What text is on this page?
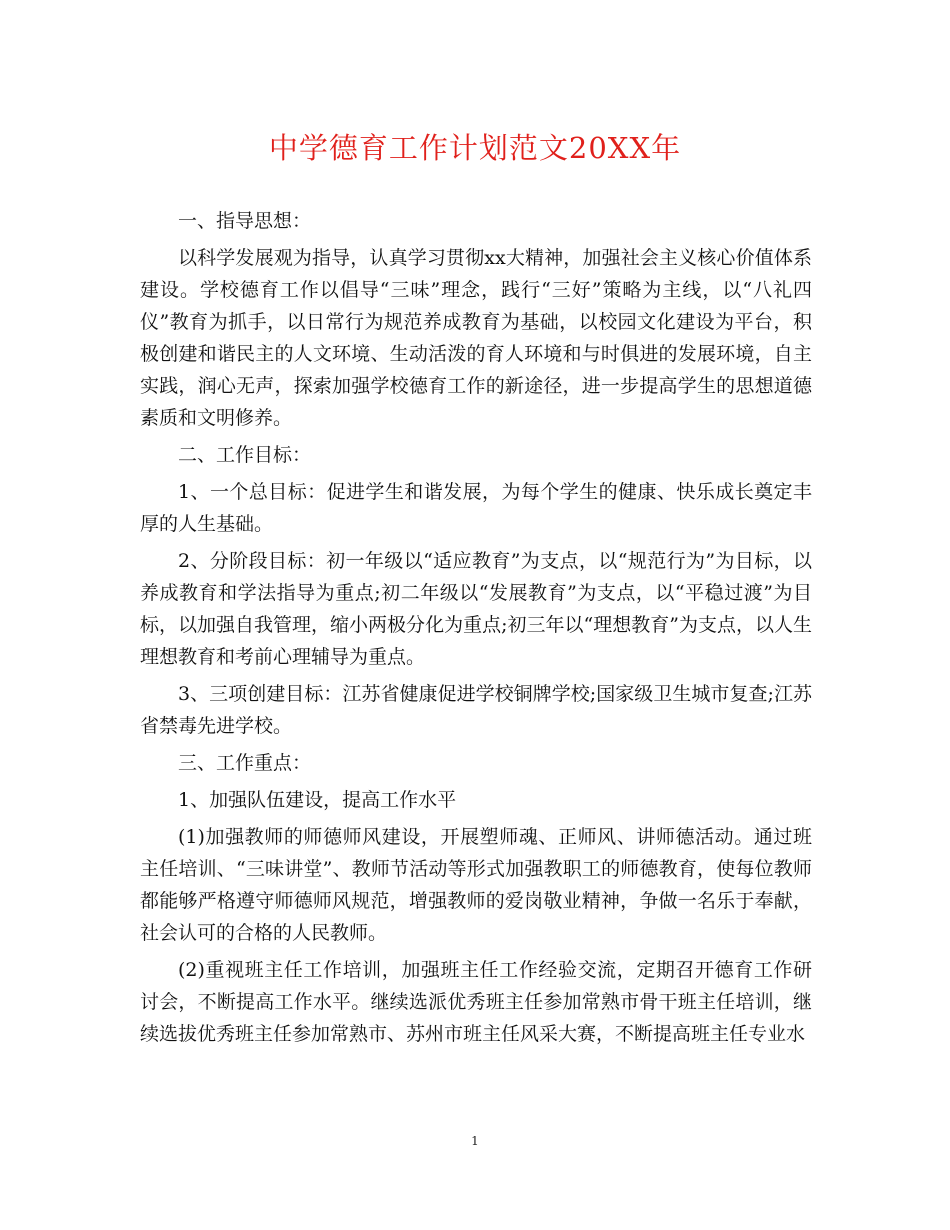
中学德育工作计划范文20XX年

一、指导思想：

以科学发展观为指导，认真学习贯彻xx大精神，加强社会主义核心价值体系建设。学校德育工作以倡导“三味”理念，践行“三好”策略为主线，以“八礼四仪”教育为抓手，以日常行为规范养成教育为基础，以校园文化建设为平台，积极创建和谐民主的人文环境、生动活泼的育人环境和与时俱进的发展环境，自主实践，润心无声，探索加强学校德育工作的新途径，进一步提高学生的思想道德素质和文明修养。

二、工作目标：

1、一个总目标：促进学生和谐发展，为每个学生的健康、快乐成长奠定丰厚的人生基础。

2、分阶段目标：初一年级以“适应教育”为支点，以“规范行为”为目标，以养成教育和学法指导为重点;初二年级以“发展教育”为支点，以“平稳过渡”为目标，以加强自我管理，缩小两极分化为重点;初三年以“理想教育”为支点，以人生理想教育和考前心理辅导为重点。

3、三项创建目标：江苏省健康促进学校铜牌学校;国家级卫生城市复查;江苏省禁毒先进学校。

三、工作重点：

1、加强队伍建设，提高工作水平

(1)加强教师的师德师风建设，开展塑师魂、正师风、讲师德活动。通过班主任培训、“三味讲堂”、教师节活动等形式加强教职工的师德教育，使每位教师都能够严格遵守师德师风规范，增强教师的爱岗敬业精神，争做一名乐于奉献，社会认可的合格的人民教师。

(2)重视班主任工作培训，加强班主任工作经验交流，定期召开德育工作研讨会，不断提高工作水平。继续选派优秀班主任参加常熟市骨干班主任培训，继续选拔优秀班主任参加常熟市、苏州市班主任风采大赛，不断提高班主任专业水

1
